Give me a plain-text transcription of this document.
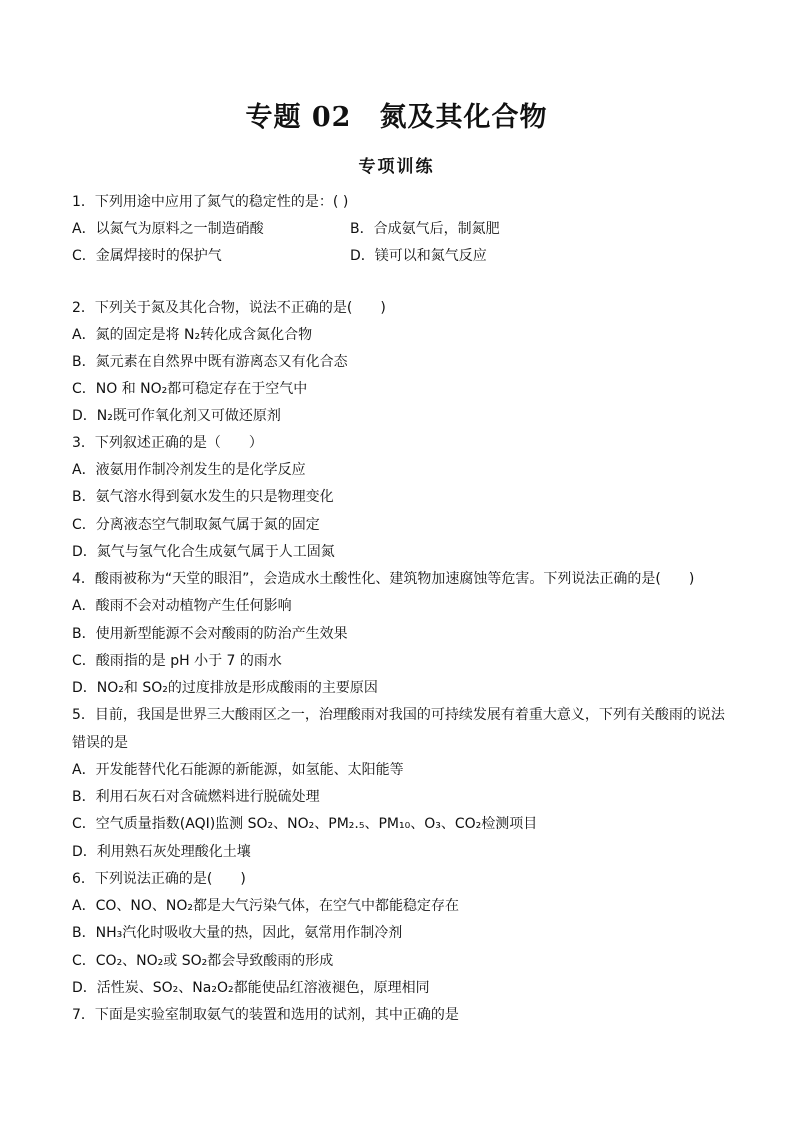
专题 02 氮及其化合物
专项训练
1．下列用途中应用了氮气的稳定性的是：( )
A．以氮气为原料之一制造硝酸	B．合成氨气后，制氮肥
C．金属焊接时的保护气	D．镁可以和氮气反应
2．下列关于氮及其化合物，说法不正确的是(　　)
A．氮的固定是将 N₂转化成含氮化合物
B．氮元素在自然界中既有游离态又有化合态
C．NO 和 NO₂都可稳定存在于空气中
D．N₂既可作氧化剂又可做还原剂
3．下列叙述正确的是（　　）
A．液氨用作制冷剂发生的是化学反应
B．氨气溶水得到氨水发生的只是物理变化
C．分离液态空气制取氮气属于氮的固定
D．氮气与氢气化合生成氨气属于人工固氮
4．酸雨被称为“天堂的眼泪”，会造成水土酸性化、建筑物加速腐蚀等危害。下列说法正确的是(　　)
A．酸雨不会对动植物产生任何影响
B．使用新型能源不会对酸雨的防治产生效果
C．酸雨指的是 pH 小于 7 的雨水
D．NO₂和 SO₂的过度排放是形成酸雨的主要原因
5．目前，我国是世界三大酸雨区之一，治理酸雨对我国的可持续发展有着重大意义，下列有关酸雨的说法
错误的是
A．开发能替代化石能源的新能源，如氢能、太阳能等
B．利用石灰石对含硫燃料进行脱硫处理
C．空气质量指数(AQI)监测 SO₂、NO₂、PM₂.₅、PM₁₀、O₃、CO₂检测项目
D．利用熟石灰处理酸化土壤
6．下列说法正确的是(　　)
A．CO、NO、NO₂都是大气污染气体，在空气中都能稳定存在
B．NH₃汽化时吸收大量的热，因此，氨常用作制冷剂
C．CO₂、NO₂或 SO₂都会导致酸雨的形成
D．活性炭、SO₂、Na₂O₂都能使品红溶液褪色，原理相同
7．下面是实验室制取氨气的装置和选用的试剂，其中正确的是
